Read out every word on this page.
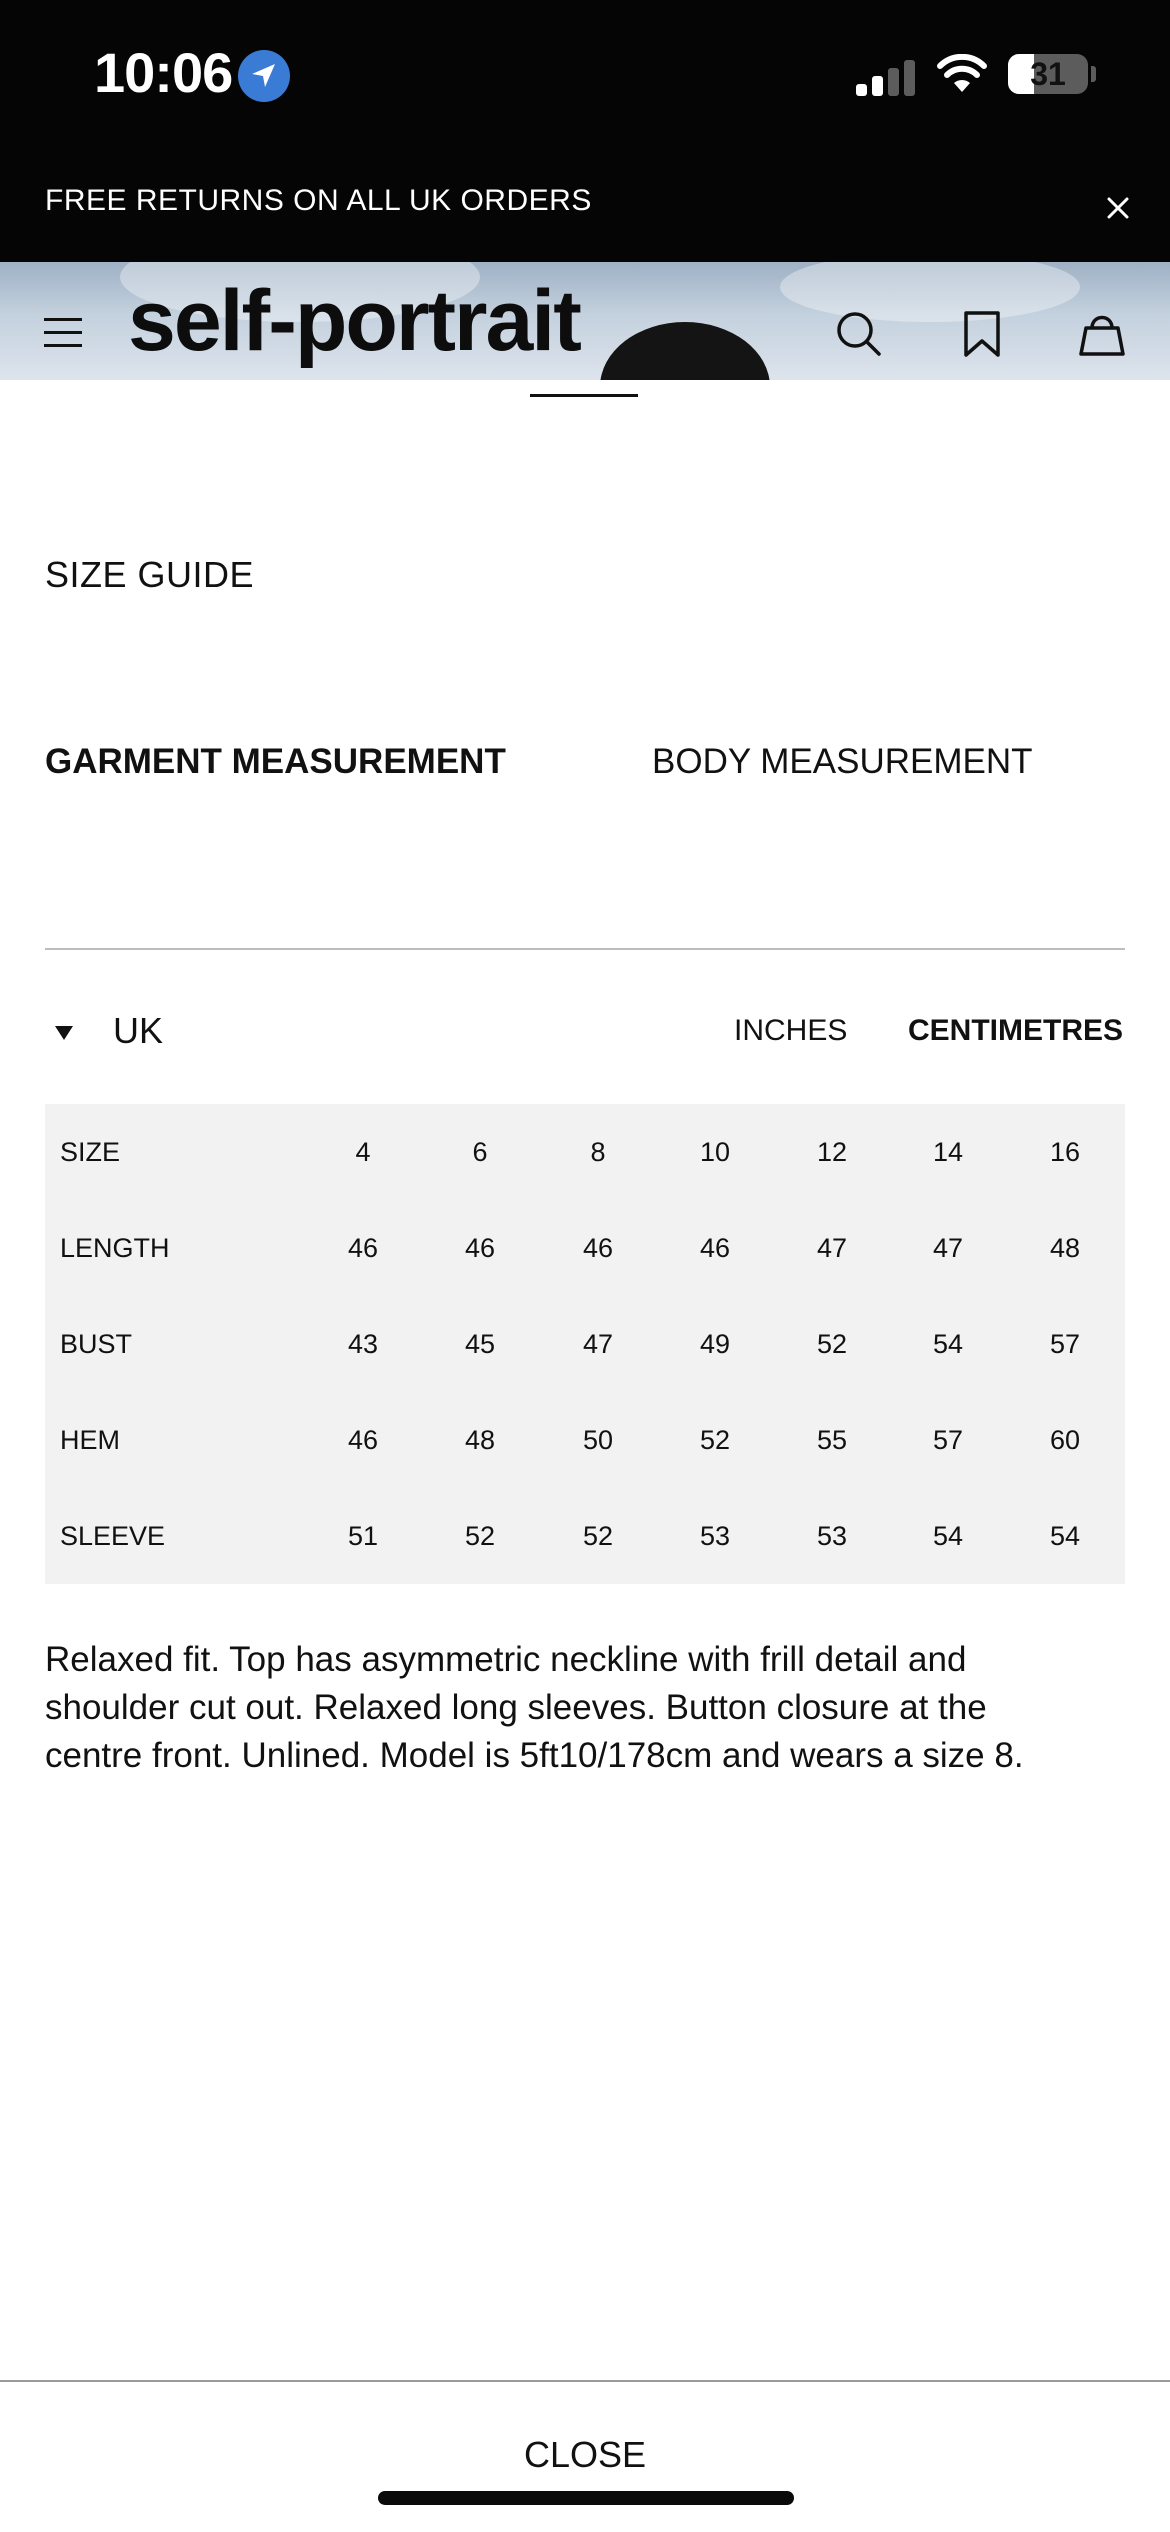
10:06	31
FREE RETURNS ON ALL UK ORDERS
self-portrait
SIZE GUIDE
GARMENT MEASUREMENT	BODY MEASUREMENT
UK	INCHES CENTIMETRES
SIZE	4	6	8	10	12	14	16
LENGTH	46	46	46	46	47	47	48
BUST	43	45	47	49	52	54	57
HEM	46	48	50	52	55	57	60
SLEEVE	51	52	52	53	53	54	54
Relaxed fit. Top has asymmetric neckline with frill detail and shoulder cut out. Relaxed long sleeves. Button closure at the centre front. Unlined. Model is 5ft10/178cm and wears a size 8.
CLOSE
